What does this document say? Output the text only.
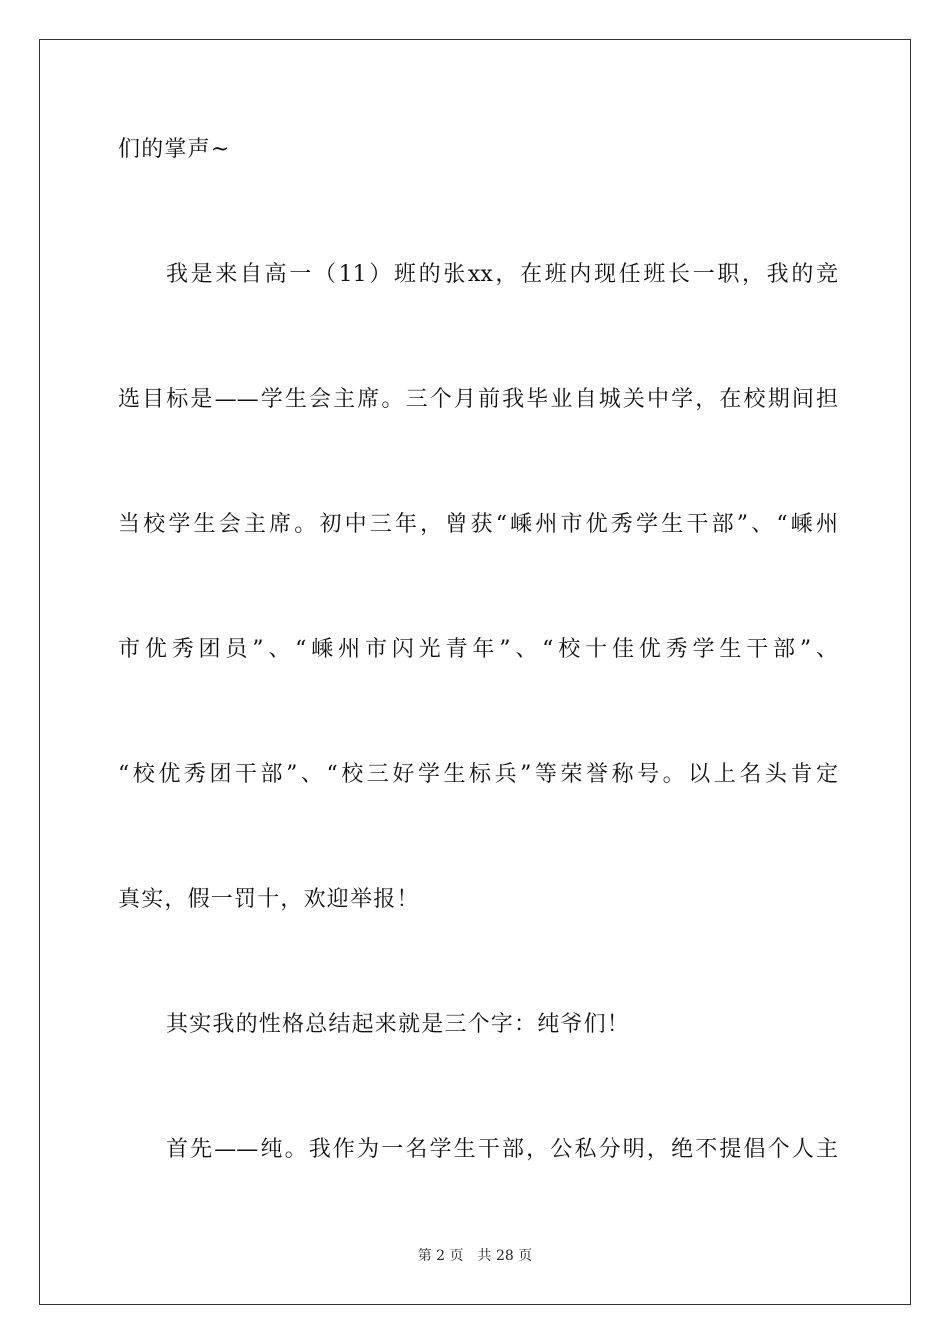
们的掌声~
我是来自高一（11）班的张xx，在班内现任班长一职，我的竞
选目标是——学生会主席。三个月前我毕业自城关中学，在校期间担
当校学生会主席。初中三年，曾获“嵊州市优秀学生干部”、“嵊州
市优秀团员”、“嵊州市闪光青年”、“校十佳优秀学生干部”、
“校优秀团干部”、“校三好学生标兵”等荣誉称号。以上名头肯定
真实，假一罚十，欢迎举报！
其实我的性格总结起来就是三个字：纯爷们！
首先——纯。我作为一名学生干部，公私分明，绝不提倡个人主
第 2 页　共 28 页
